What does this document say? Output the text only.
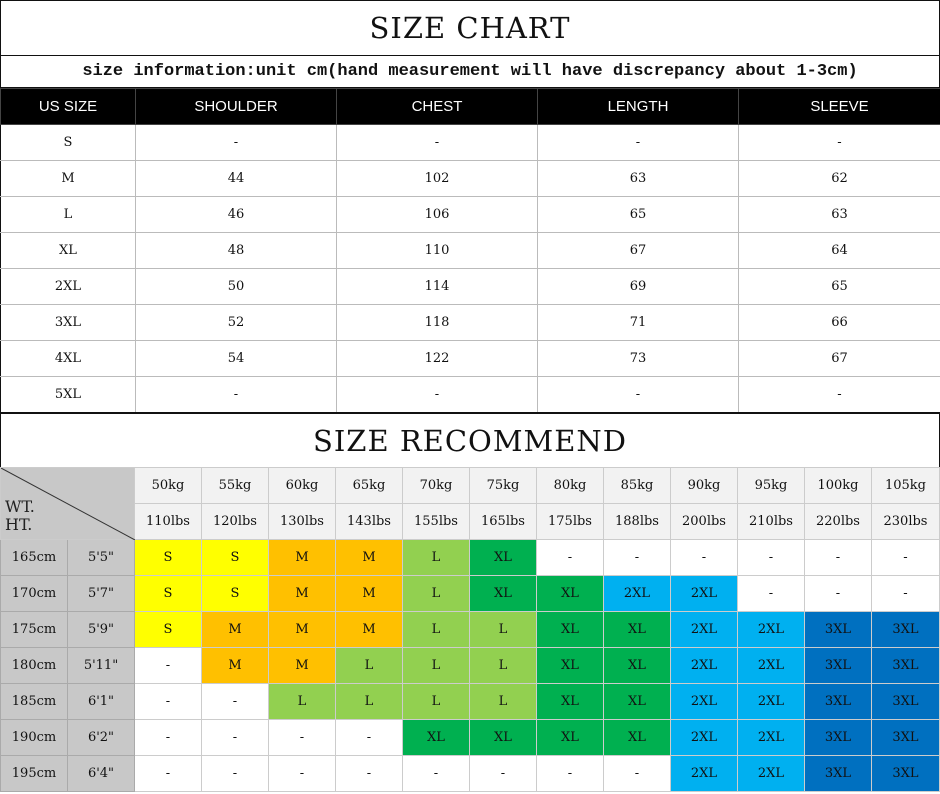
SIZE CHART
size information:unit cm(hand measurement will have discrepancy about 1-3cm)
US SIZE	SHOULDER	CHEST	LENGTH	SLEEVE
S	-	-	-	-
M	44	102	63	62
L	46	106	65	63
XL	48	110	67	64
2XL	50	114	69	65
3XL	52	118	71	66
4XL	54	122	73	67
5XL	-	-	-	-
SIZE RECOMMEND
WT.
HT.		50kg	55kg	60kg	65kg	70kg	75kg	80kg	85kg	90kg	95kg	100kg	105kg
		110lbs	120lbs	130lbs	143lbs	155lbs	165lbs	175lbs	188lbs	200lbs	210lbs	220lbs	230lbs
165cm	5'5"	S	S	M	M	L	XL	-	-	-	-	-	-
170cm	5'7"	S	S	M	M	L	XL	XL	2XL	2XL	-	-	-
175cm	5'9"	S	M	M	M	L	L	XL	XL	2XL	2XL	3XL	3XL
180cm	5'11"	-	M	M	L	L	L	XL	XL	2XL	2XL	3XL	3XL
185cm	6'1"	-	-	L	L	L	L	XL	XL	2XL	2XL	3XL	3XL
190cm	6'2"	-	-	-	-	XL	XL	XL	XL	2XL	2XL	3XL	3XL
195cm	6'4"	-	-	-	-	-	-	-	-	2XL	2XL	3XL	3XL
